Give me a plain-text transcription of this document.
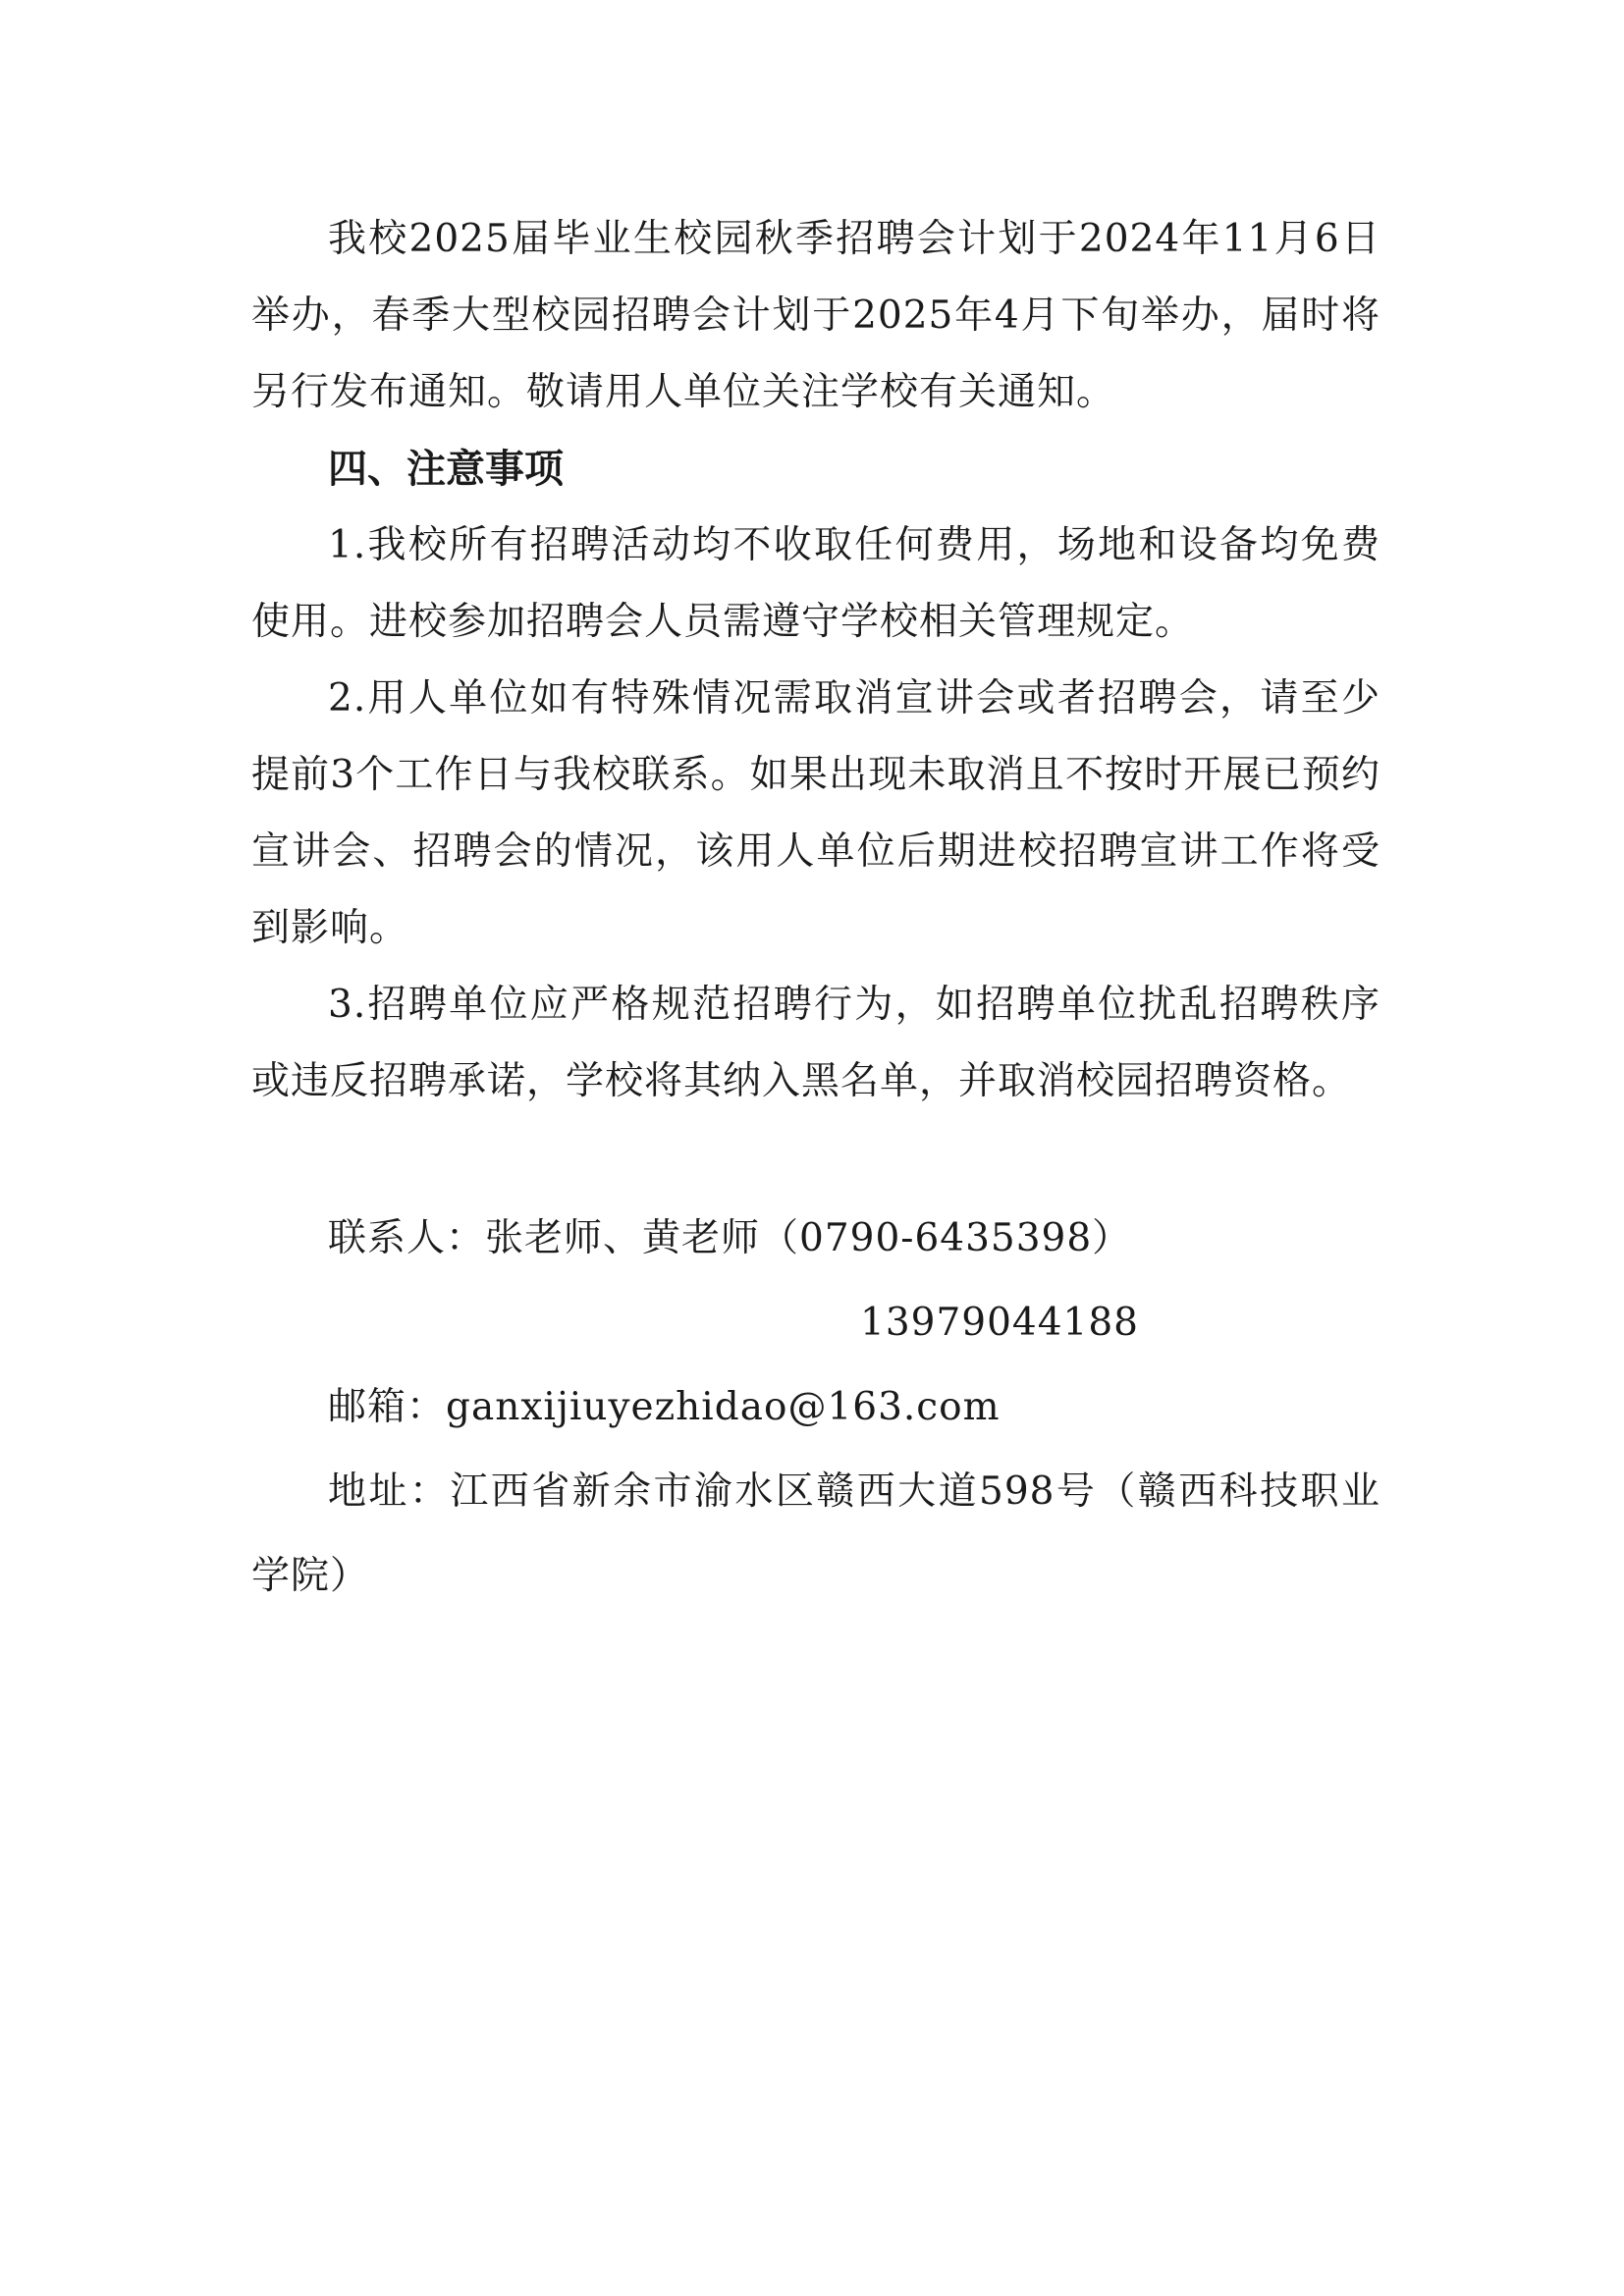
我校2025届毕业生校园秋季招聘会计划于2024年11月6日举办，春季大型校园招聘会计划于2025年4月下旬举办，届时将另行发布通知。敬请用人单位关注学校有关通知。

四、注意事项

1.我校所有招聘活动均不收取任何费用，场地和设备均免费使用。进校参加招聘会人员需遵守学校相关管理规定。

2.用人单位如有特殊情况需取消宣讲会或者招聘会，请至少提前3个工作日与我校联系。如果出现未取消且不按时开展已预约宣讲会、招聘会的情况，该用人单位后期进校招聘宣讲工作将受到影响。

3.招聘单位应严格规范招聘行为，如招聘单位扰乱招聘秩序或违反招聘承诺，学校将其纳入黑名单，并取消校园招聘资格。

联系人：张老师、黄老师（0790-6435398）

13979044188

邮箱：ganxijiuyezhidao@163.com

地址：江西省新余市渝水区赣西大道598号（赣西科技职业学院）
